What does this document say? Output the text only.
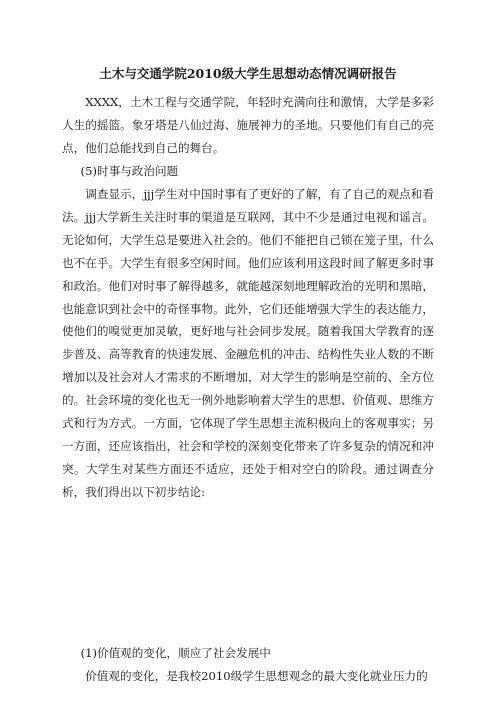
土木与交通学院2010级大学生思想动态情况调研报告

XXXX，土木工程与交通学院，年轻时充满向往和激情，大学是多彩人生的摇篮。象牙塔是八仙过海、施展神力的圣地。只要他们有自己的亮点，他们总能找到自己的舞台。

(5)时事与政治问题

调查显示，jjj学生对中国时事有了更好的了解，有了自己的观点和看法。jjj大学新生关注时事的渠道是互联网，其中不少是通过电视和谣言。无论如何，大学生总是要进入社会的。他们不能把自己锁在笼子里，什么也不在乎。大学生有很多空闲时间。他们应该利用这段时间了解更多时事和政治。他们对时事了解得越多，就能越深刻地理解政治的光明和黑暗，也能意识到社会中的奇怪事物。此外，它们还能增强大学生的表达能力，使他们的嗅觉更加灵敏，更好地与社会同步发展。随着我国大学教育的逐步普及、高等教育的快速发展、金融危机的冲击、结构性失业人数的不断增加以及社会对人才需求的不断增加，对大学生的影响是空前的、全方位的。社会环境的变化也无一例外地影响着大学生的思想、价值观、思维方式和行为方式。一方面，它体现了学生思想主流积极向上的客观事实；另一方面，还应该指出，社会和学校的深刻变化带来了许多复杂的情况和冲突。大学生对某些方面还不适应，还处于相对空白的阶段。通过调查分析，我们得出以下初步结论:

(1)价值观的变化，顺应了社会发展中

价值观的变化，是我校2010级学生思想观念的最大变化就业压力的
